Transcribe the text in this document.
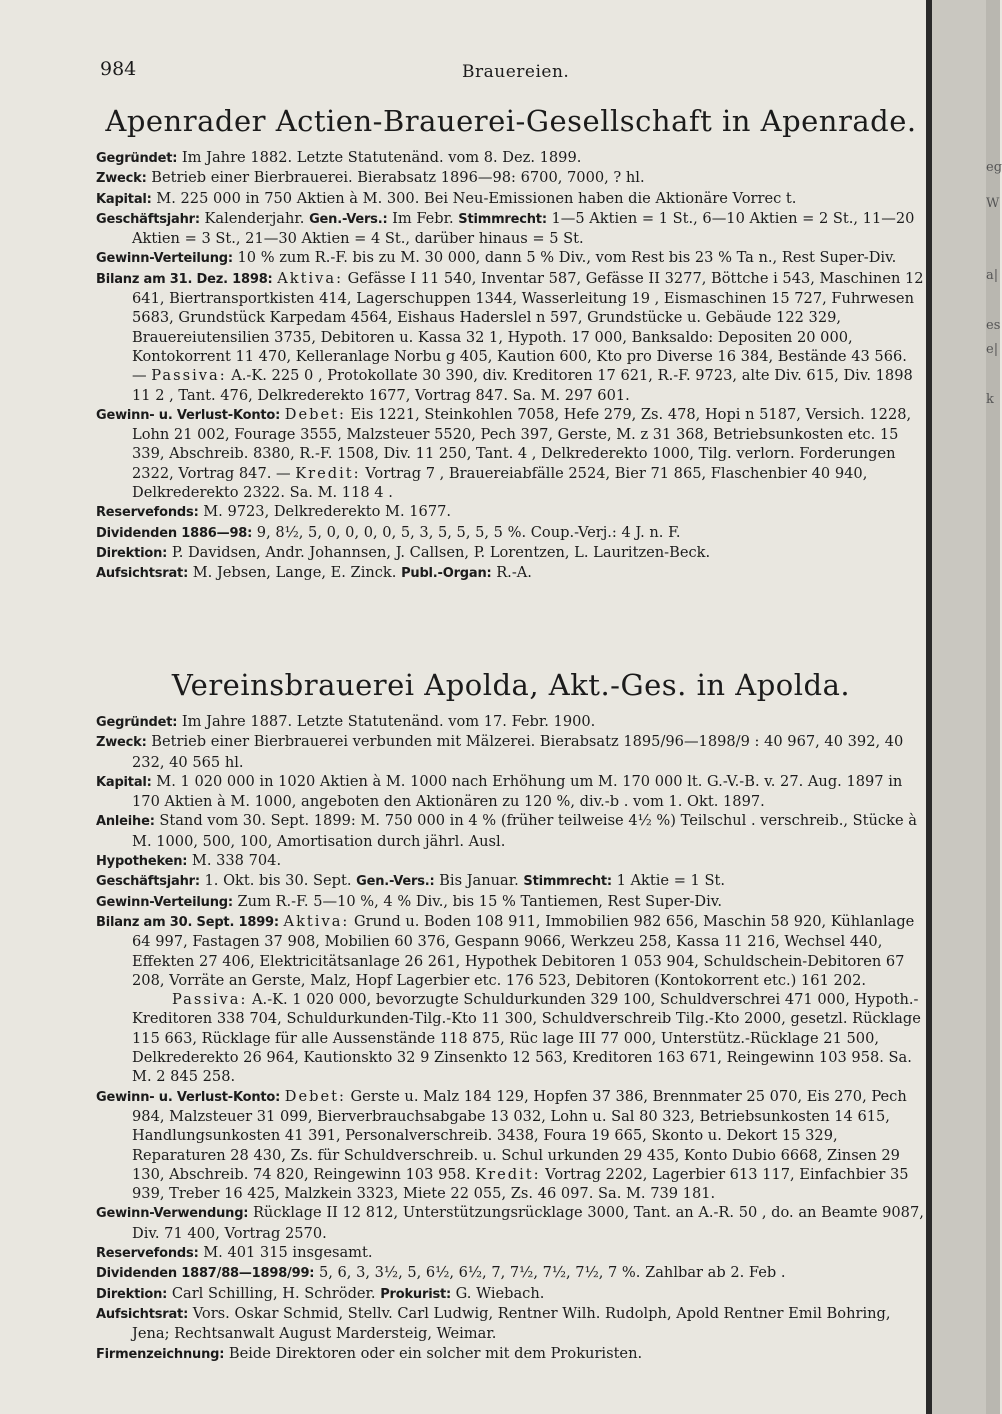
eg
W
a|
es
e|
k
984	Brauereien.
Apenrader Actien-Brauerei-Gesellschaft in Apenrade.

Gegründet: Im Jahre 1882. Letzte Statutenänd. vom 8. Dez. 1899.

Zweck: Betrieb einer Bierbrauerei. Bierabsatz 1896—98: 6700, 7000, ? hl.

Kapital: M. 225 000 in 750 Aktien à M. 300. Bei Neu-Emissionen haben die Aktionäre Vorrec t.

Geschäftsjahr: Kalenderjahr. Gen.-Vers.: Im Febr. Stimmrecht: 1—5 Aktien = 1 St., 6—10 Aktien = 2 St., 11—20 Aktien = 3 St., 21—30 Aktien = 4 St., darüber hinaus = 5 St.

Gewinn-Verteilung: 10 % zum R.-F. bis zu M. 30 000, dann 5 % Div., vom Rest bis 23 % Ta n., Rest Super-Div.

Bilanz am 31. Dez. 1898: Aktiva: Gefässe I 11 540, Inventar 587, Gefässe II 3277, Böttche i 543, Maschinen 12 641, Biertransportkisten 414, Lagerschuppen 1344, Wasserleitung 19 , Eismaschinen 15 727, Fuhrwesen 5683, Grundstück Karpedam 4564, Eishaus Haderslel n 597, Grundstücke u. Gebäude 122 329, Brauereiutensilien 3735, Debitoren u. Kassa 32 1, Hypoth. 17 000, Banksaldo: Depositen 20 000, Kontokorrent 11 470, Kelleranlage Norbu g 405, Kaution 600, Kto pro Diverse 16 384, Bestände 43 566. — Passiva: A.-K. 225 0 , Protokollate 30 390, div. Kreditoren 17 621, R.-F. 9723, alte Div. 615, Div. 1898 11 2 , Tant. 476, Delkrederekto 1677, Vortrag 847. Sa. M. 297 601.

Gewinn- u. Verlust-Konto: Debet: Eis 1221, Steinkohlen 7058, Hefe 279, Zs. 478, Hopi n 5187, Versich. 1228, Lohn 21 002, Fourage 3555, Malzsteuer 5520, Pech 397, Gerste, M. z 31 368, Betriebsunkosten etc. 15 339, Abschreib. 8380, R.-F. 1508, Div. 11 250, Tant. 4 , Delkrederekto 1000, Tilg. verlorn. Forderungen 2322, Vortrag 847. — Kredit: Vortrag 7 , Brauereiabfälle 2524, Bier 71 865, Flaschenbier 40 940, Delkrederekto 2322. Sa. M. 118 4 .

Reservefonds: M. 9723, Delkrederekto M. 1677.

Dividenden 1886—98: 9, 8½, 5, 0, 0, 0, 0, 5, 3, 5, 5, 5, 5 %. Coup.-Verj.: 4 J. n. F.

Direktion: P. Davidsen, Andr. Johannsen, J. Callsen, P. Lorentzen, L. Lauritzen-Beck.

Aufsichtsrat: M. Jebsen, Lange, E. Zinck. Publ.-Organ: R.-A.

Vereinsbrauerei Apolda, Akt.-Ges. in Apolda.

Gegründet: Im Jahre 1887. Letzte Statutenänd. vom 17. Febr. 1900.

Zweck: Betrieb einer Bierbrauerei verbunden mit Mälzerei. Bierabsatz 1895/96—1898/9 : 40 967, 40 392, 40 232, 40 565 hl.

Kapital: M. 1 020 000 in 1020 Aktien à M. 1000 nach Erhöhung um M. 170 000 lt. G.-V.-B. v. 27. Aug. 1897 in 170 Aktien à M. 1000, angeboten den Aktionären zu 120 %, div.-b . vom 1. Okt. 1897.

Anleihe: Stand vom 30. Sept. 1899: M. 750 000 in 4 % (früher teilweise 4½ %) Teilschul . verschreib., Stücke à M. 1000, 500, 100, Amortisation durch jährl. Ausl.

Hypotheken: M. 338 704.

Geschäftsjahr: 1. Okt. bis 30. Sept. Gen.-Vers.: Bis Januar. Stimmrecht: 1 Aktie = 1 St.

Gewinn-Verteilung: Zum R.-F. 5—10 %, 4 % Div., bis 15 % Tantiemen, Rest Super-Div.

Bilanz am 30. Sept. 1899: Aktiva: Grund u. Boden 108 911, Immobilien 982 656, Maschin 58 920, Kühlanlage 64 997, Fastagen 37 908, Mobilien 60 376, Gespann 9066, Werkzeu 258, Kassa 11 216, Wechsel 440, Effekten 27 406, Elektricitätsanlage 26 261, Hypothek Debitoren 1 053 904, Schuldschein-Debitoren 67 208, Vorräte an Gerste, Malz, Hopf Lagerbier etc. 176 523, Debitoren (Kontokorrent etc.) 161 202.

Passiva: A.-K. 1 020 000, bevorzugte Schuldurkunden 329 100, Schuldverschrei 471 000, Hypoth.-Kreditoren 338 704, Schuldurkunden-Tilg.-Kto 11 300, Schuldverschreib Tilg.-Kto 2000, gesetzl. Rücklage 115 663, Rücklage für alle Aussenstände 118 875, Rüc lage III 77 000, Unterstütz.-Rücklage 21 500, Delkrederekto 26 964, Kautionskto 32 9 Zinsenkto 12 563, Kreditoren 163 671, Reingewinn 103 958. Sa. M. 2 845 258.

Gewinn- u. Verlust-Konto: Debet: Gerste u. Malz 184 129, Hopfen 37 386, Brennmater 25 070, Eis 270, Pech 984, Malzsteuer 31 099, Bierverbrauchsabgabe 13 032, Lohn u. Sal 80 323, Betriebsunkosten 14 615, Handlungsunkosten 41 391, Personalverschreib. 3438, Foura 19 665, Skonto u. Dekort 15 329, Reparaturen 28 430, Zs. für Schuldverschreib. u. Schul urkunden 29 435, Konto Dubio 6668, Zinsen 29 130, Abschreib. 74 820, Reingewinn 103 958. Kredit: Vortrag 2202, Lagerbier 613 117, Einfachbier 35 939, Treber 16 425, Malzkein 3323, Miete 22 055, Zs. 46 097. Sa. M. 739 181.

Gewinn-Verwendung: Rücklage II 12 812, Unterstützungsrücklage 3000, Tant. an A.-R. 50 , do. an Beamte 9087, Div. 71 400, Vortrag 2570.

Reservefonds: M. 401 315 insgesamt.

Dividenden 1887/88—1898/99: 5, 6, 3, 3½, 5, 6½, 6½, 7, 7½, 7½, 7½, 7 %. Zahlbar ab 2. Feb .

Direktion: Carl Schilling, H. Schröder. Prokurist: G. Wiebach.

Aufsichtsrat: Vors. Oskar Schmid, Stellv. Carl Ludwig, Rentner Wilh. Rudolph, Apold Rentner Emil Bohring, Jena; Rechtsanwalt August Mardersteig, Weimar.

Firmenzeichnung: Beide Direktoren oder ein solcher mit dem Prokuristen.
